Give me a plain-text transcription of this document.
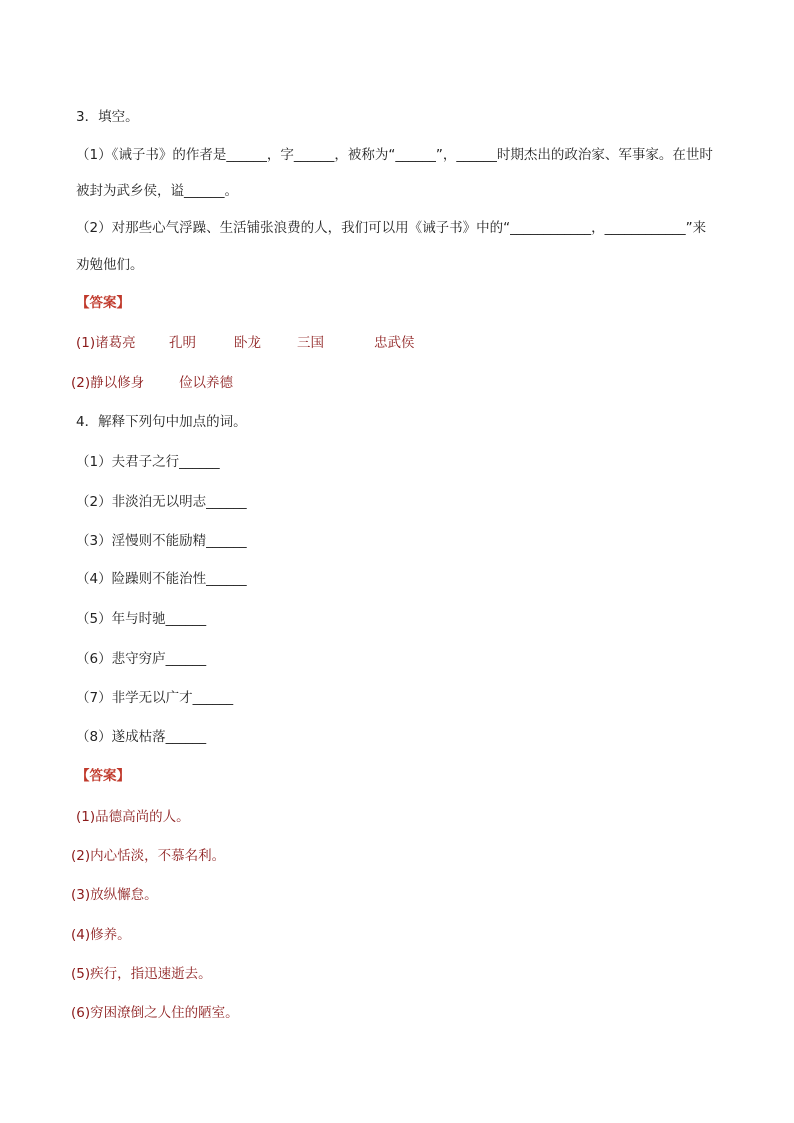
3．填空。
（1）《诫子书》的作者是______，字______，被称为“______”，______时期杰出的政治家、军事家。在世时
被封为武乡侯，谥______。
（2）对那些心气浮躁、生活铺张浪费的人，我们可以用《诫子书》中的“____________，____________”来
劝勉他们。
【答案】
(1)诸葛亮 孔明	卧龙	三国	忠武侯
(2)静以修身	俭以养德
4．解释下列句中加点的词。
（1）夫君子之行______
（2）非淡泊无以明志______
（3）淫慢则不能励精______
（4）险躁则不能治性______
（5）年与时驰______
（6）悲守穷庐______
（7）非学无以广才______
（8）遂成枯落______
【答案】
(1)品德高尚的人。
(2)内心恬淡，不慕名利。
(3)放纵懈怠。
(4)修养。
(5)疾行，指迅速逝去。
(6)穷困潦倒之人住的陋室。
